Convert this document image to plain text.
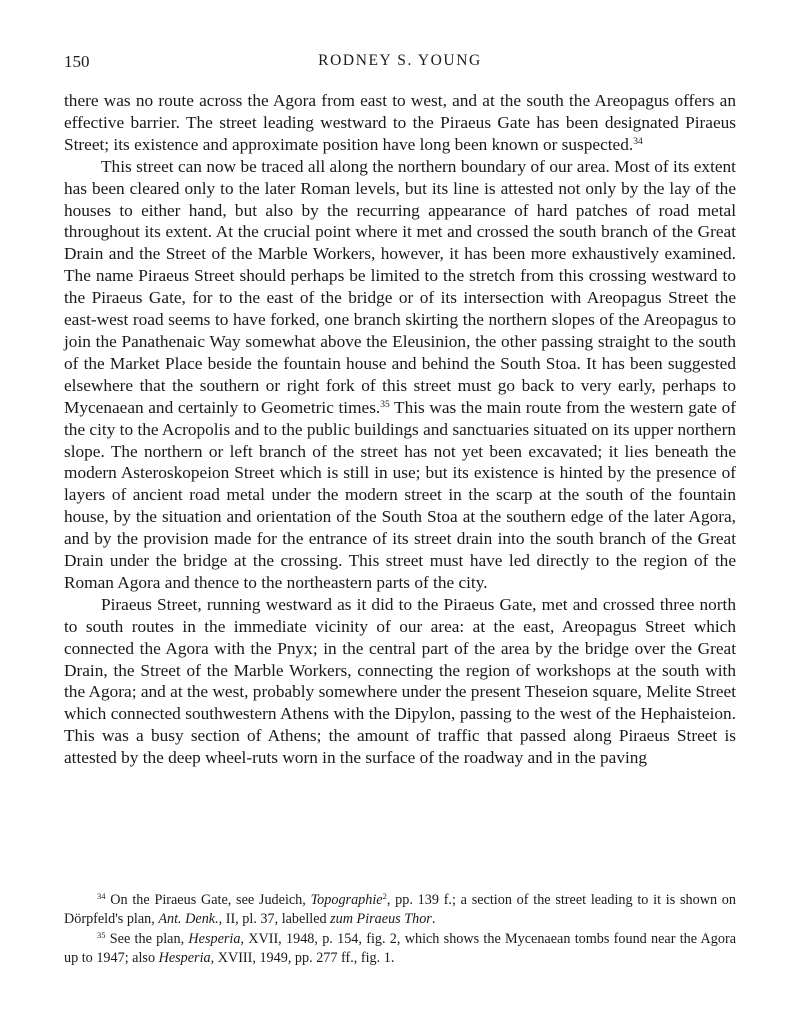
150	RODNEY S. YOUNG

there was no route across the Agora from east to west, and at the south the Areopagus offers an effective barrier. The street leading westward to the Piraeus Gate has been designated Piraeus Street; its existence and approximate position have long been known or suspected.$^{34}$

This street can now be traced all along the northern boundary of our area. Most of its extent has been cleared only to the later Roman levels, but its line is attested not only by the lay of the houses to either hand, but also by the recurring appearance of hard patches of road metal throughout its extent. At the crucial point where it met and crossed the south branch of the Great Drain and the Street of the Marble Workers, however, it has been more exhaustively examined. The name Piraeus Street should perhaps be limited to the stretch from this crossing westward to the Piraeus Gate, for to the east of the bridge or of its intersection with Areopagus Street the east-west road seems to have forked, one branch skirting the northern slopes of the Areopagus to join the Panathenaic Way somewhat above the Eleusinion, the other passing straight to the south of the Market Place beside the fountain house and behind the South Stoa. It has been suggested elsewhere that the southern or right fork of this street must go back to very early, perhaps to Mycenaean and certainly to Geometric times.$^{35}$ This was the main route from the western gate of the city to the Acropolis and to the public buildings and sanctuaries situated on its upper northern slope. The northern or left branch of the street has not yet been excavated; it lies beneath the modern Asteroskopeion Street which is still in use; but its existence is hinted by the presence of layers of ancient road metal under the modern street in the scarp at the south of the fountain house, by the situation and orientation of the South Stoa at the southern edge of the later Agora, and by the provision made for the entrance of its street drain into the south branch of the Great Drain under the bridge at the crossing. This street must have led directly to the region of the Roman Agora and thence to the northeastern parts of the city.

Piraeus Street, running westward as it did to the Piraeus Gate, met and crossed three north to south routes in the immediate vicinity of our area: at the east, Areopagus Street which connected the Agora with the Pnyx; in the central part of the area by the bridge over the Great Drain, the Street of the Marble Workers, connecting the region of workshops at the south with the Agora; and at the west, probably somewhere under the present Theseion square, Melite Street which connected southwestern Athens with the Dipylon, passing to the west of the Hephaisteion. This was a busy section of Athens; the amount of traffic that passed along Piraeus Street is attested by the deep wheel-ruts worn in the surface of the roadway and in the paving

$^{34}$ On the Piraeus Gate, see Judeich, Topographie$^2$, pp. 139 f.; a section of the street leading to it is shown on Dörpfeld's plan, Ant. Denk., II, pl. 37, labelled zum Piraeus Thor.

$^{35}$ See the plan, Hesperia, XVII, 1948, p. 154, fig. 2, which shows the Mycenaean tombs found near the Agora up to 1947; also Hesperia, XVIII, 1949, pp. 277 ff., fig. 1.
